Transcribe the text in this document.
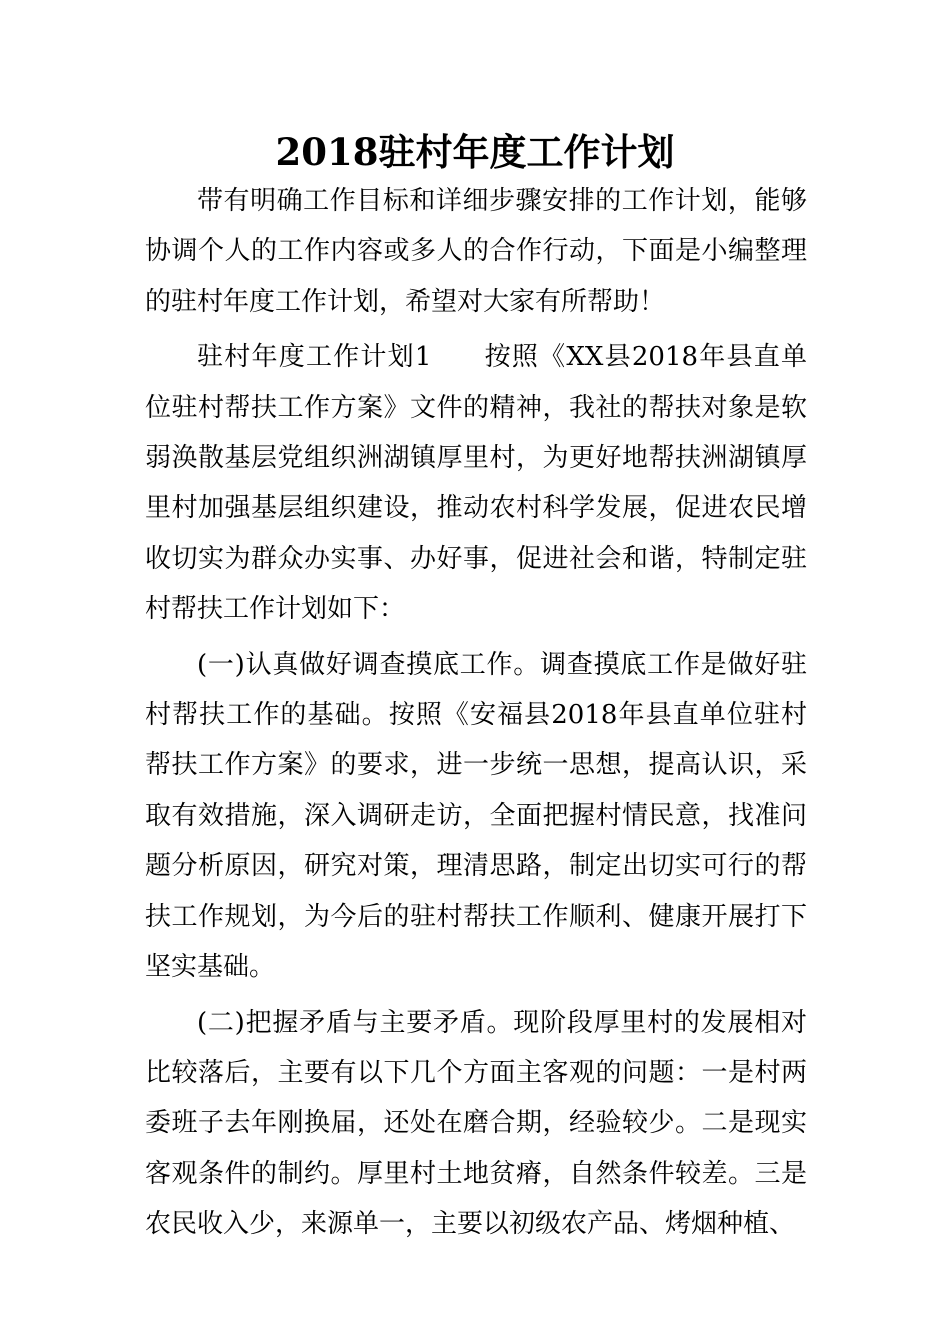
2018驻村年度工作计划

带有明确工作目标和详细步骤安排的工作计划，能够协调个人的工作内容或多人的合作行动，下面是小编整理的驻村年度工作计划，希望对大家有所帮助！

驻村年度工作计划1 按照《XX县2018年县直单位驻村帮扶工作方案》文件的精神，我社的帮扶对象是软弱涣散基层党组织洲湖镇厚里村，为更好地帮扶洲湖镇厚里村加强基层组织建设，推动农村科学发展，促进农民增收切实为群众办实事、办好事，促进社会和谐，特制定驻村帮扶工作计划如下：

(一)认真做好调查摸底工作。调查摸底工作是做好驻村帮扶工作的基础。按照《安福县2018年县直单位驻村帮扶工作方案》的要求，进一步统一思想，提高认识，采取有效措施，深入调研走访，全面把握村情民意，找准问题分析原因，研究对策，理清思路，制定出切实可行的帮扶工作规划，为今后的驻村帮扶工作顺利、健康开展打下坚实基础。

(二)把握矛盾与主要矛盾。现阶段厚里村的发展相对比较落后，主要有以下几个方面主客观的问题：一是村两委班子去年刚换届，还处在磨合期，经验较少。二是现实客观条件的制约。厚里村土地贫瘠，自然条件较差。三是农民收入少，来源单一，主要以初级农产品、烤烟种植、
